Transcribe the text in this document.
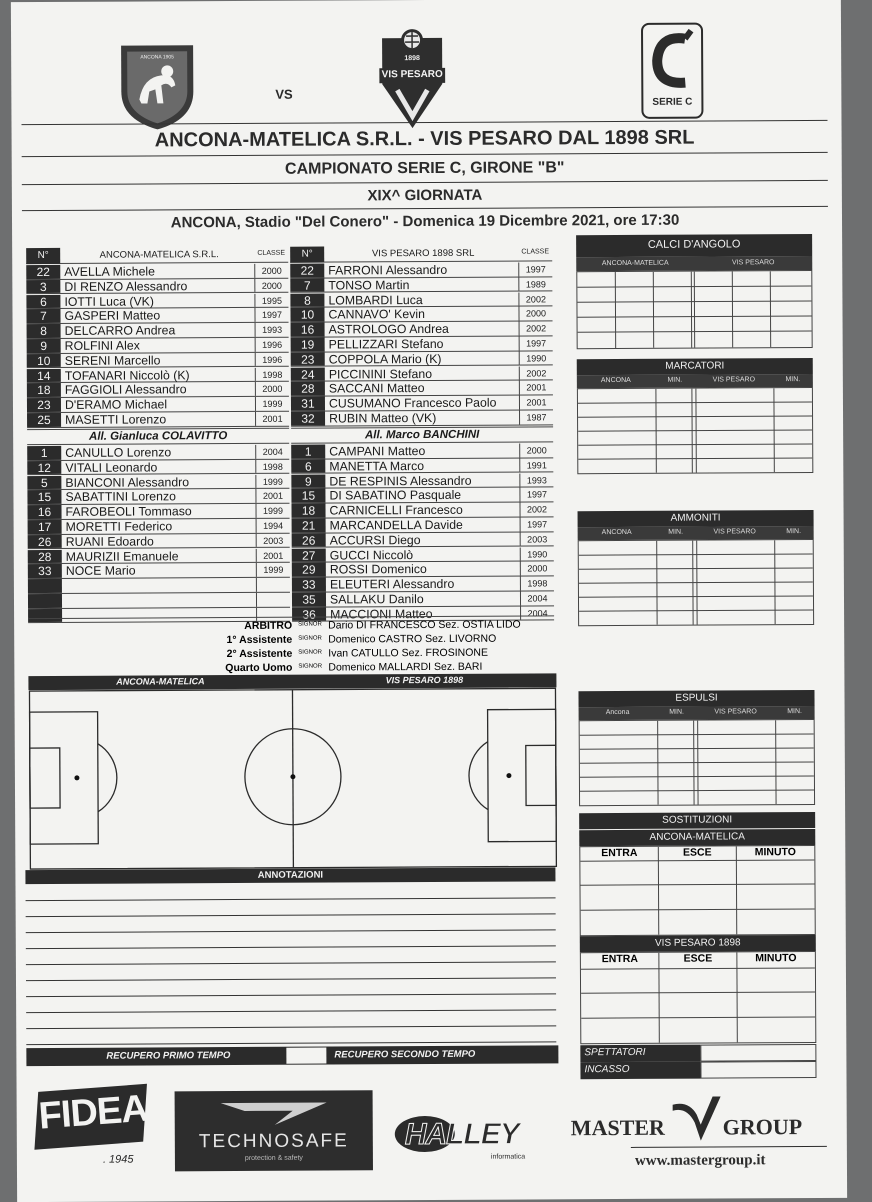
ANCONA 1905
VS
1898
VIS PESARO
SERIE C
ANCONA-MATELICA S.R.L. - VIS PESARO DAL 1898 SRL
CAMPIONATO SERIE C, GIRONE "B"
XIX^ GIORNATA
ANCONA, Stadio "Del Conero" - Domenica 19 Dicembre 2021, ore 17:30
N°	ANCONA-MATELICA S.R.L.	CLASSE
22	AVELLA Michele	2000
3	DI RENZO Alessandro	2000
6	IOTTI Luca (VK)	1995
7	GASPERI Matteo	1997
8	DELCARRO Andrea	1993
9	ROLFINI Alex	1996
10	SERENI Marcello	1996
14	TOFANARI Niccolò (K)	1998
18	FAGGIOLI Alessandro	2000
23	D'ERAMO Michael	1999
25	MASETTI Lorenzo	2001
All. Gianluca COLAVITTO
1	CANULLO Lorenzo	2004
12	VITALI Leonardo	1998
5	BIANCONI Alessandro	1999
15	SABATTINI Lorenzo	2001
16	FAROBEOLI Tommaso	1999
17	MORETTI Federico	1994
26	RUANI Edoardo	2003
28	MAURIZII Emanuele	2001
33	NOCE Mario	1999
N°	VIS PESARO 1898 SRL	CLASSE
22	FARRONI Alessandro	1997
7	TONSO Martin	1989
8	LOMBARDI Luca	2002
10	CANNAVO' Kevin	2000
16	ASTROLOGO Andrea	2002
19	PELLIZZARI Stefano	1997
23	COPPOLA Mario (K)	1990
24	PICCININI Stefano	2002
28	SACCANI Matteo	2001
31	CUSUMANO Francesco Paolo	2001
32	RUBIN Matteo (VK)	1987
All. Marco BANCHINI
1	CAMPANI Matteo	2000
6	MANETTA Marco	1991
9	DE RESPINIS Alessandro	1993
15	DI SABATINO Pasquale	1997
18	CARNICELLI Francesco	2002
21	MARCANDELLA Davide	1997
26	ACCURSI Diego	2003
27	GUCCI Niccolò	1990
29	ROSSI Domenico	2000
33	ELEUTERI Alessandro	1998
35	SALLAKU Danilo	2004
36	MACCIONI Matteo	2004
ARBITRO SIGNOR Dario DI FRANCESCO Sez. OSTIA LIDO
1° Assistente SIGNOR Domenico CASTRO Sez. LIVORNO
2° Assistente SIGNOR Ivan CATULLO Sez. FROSINONE
Quarto Uomo SIGNOR Domenico MALLARDI Sez. BARI
ANCONA-MATELICA	VIS PESARO 1898
ANNOTAZIONI
RECUPERO PRIMO TEMPO	RECUPERO SECONDO TEMPO
CALCI D'ANGOLO
ANCONA-MATELICA	VIS PESARO
MARCATORI
ANCONA	MIN.	VIS PESARO	MIN.
AMMONITI
ANCONA	MIN.	VIS PESARO	MIN.
ESPULSI
Ancona	MIN.	VIS PESARO	MIN.
SOSTITUZIONI
ANCONA-MATELICA
ENTRA	ESCE	MINUTO
VIS PESARO 1898
ENTRA	ESCE	MINUTO
SPETTATORI
INCASSO
FIDEA
. 1945
TECHNOSAFE
protection & safety
HALLEY
informatica
MASTER	GROUP
www.mastergroup.it
